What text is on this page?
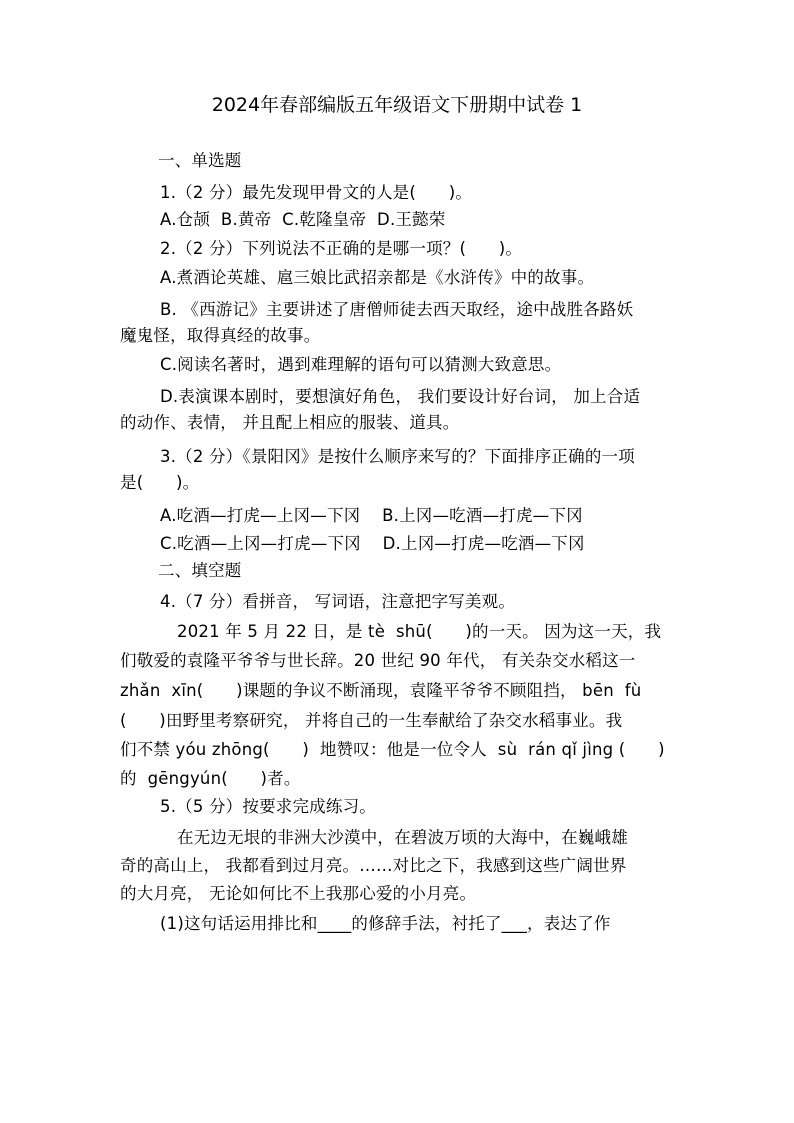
2024年春部编版五年级语文下册期中试卷 1
一、单选题
1.（2 分）最先发现甲骨文的人是(      )。
A.仓颉  B.黄帝  C.乾隆皇帝  D.王懿荣
2.（2 分）下列说法不正确的是哪一项？(      )。
A.煮酒论英雄、扈三娘比武招亲都是《水浒传》中的故事。
B. 《西游记》主要讲述了唐僧师徒去西天取经，途中战胜各路妖
魔鬼怪，取得真经的故事。
C.阅读名著时，遇到难理解的语句可以猜测大致意思。
D.表演课本剧时，要想演好角色， 我们要设计好台词， 加上合适
的动作、表情， 并且配上相应的服装、道具。
3.（2 分）《景阳冈》是按什么顺序来写的？下面排序正确的一项
是(      )。
A.吃酒—打虎—上冈—下冈    B.上冈—吃酒—打虎—下冈
C.吃酒—上冈—打虎—下冈    D.上冈—打虎—吃酒—下冈
二、填空题
4.（7 分）看拼音， 写词语，注意把字写美观。
2021 年 5 月 22 日，是 tè  shū(      )的一天。 因为这一天，我
们敬爱的袁隆平爷爷与世长辞。20 世纪 90 年代， 有关杂交水稻这一
zhǎn  xīn(      )课题的争议不断涌现，袁隆平爷爷不顾阻挡， bēn  fù
(      )田野里考察研究， 并将自己的一生奉献给了杂交水稻事业。我
们不禁 yóu zhōng(      )  地赞叹：他是一位令人  sù  rán qǐ jìng (      )
的  gēngyún(      )者。
5.（5 分）按要求完成练习。
在无边无垠的非洲大沙漠中，在碧波万顷的大海中，在巍峨雄
奇的高山上， 我都看到过月亮。……对比之下，我感到这些广阔世界
的大月亮， 无论如何比不上我那心爱的小月亮。
(1)这句话运用排比和____的修辞手法，衬托了___，表达了作
